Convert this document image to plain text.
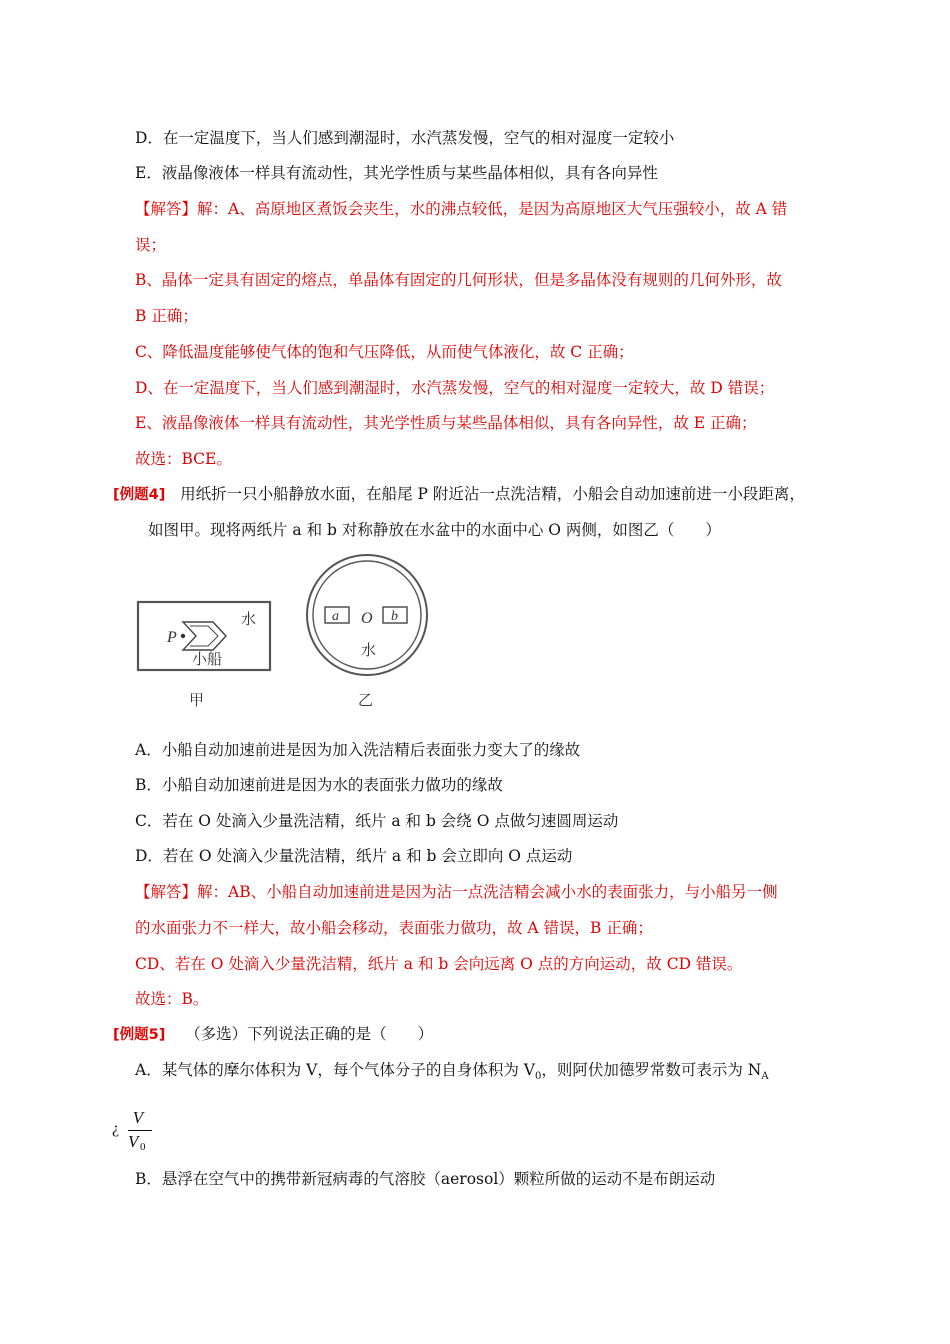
D．在一定温度下，当人们感到潮湿时，水汽蒸发慢，空气的相对湿度一定较小
E．液晶像液体一样具有流动性，其光学性质与某些晶体相似，具有各向异性
【解答】解：A、高原地区煮饭会夹生，水的沸点较低，是因为高原地区大气压强较小，故 A 错
误；
B、晶体一定具有固定的熔点，单晶体有固定的几何形状，但是多晶体没有规则的几何外形，故
B 正确；
C、降低温度能够使气体的饱和气压降低，从而使气体液化，故 C 正确；
D、在一定温度下，当人们感到潮湿时，水汽蒸发慢，空气的相对湿度一定较大，故 D 错误；
E、液晶像液体一样具有流动性，其光学性质与某些晶体相似，具有各向异性，故 E 正确；
故选：BCE。
[例题4] 用纸折一只小船静放水面，在船尾 P 附近沾一点洗洁精，小船会自动加速前进一小段距离，
如图甲。现将两纸片 a 和 b 对称静放在水盆中的水面中心 O 两侧，如图乙（　　）
水
P
小船
甲
a O b
水
乙
A．小船自动加速前进是因为加入洗洁精后表面张力变大了的缘故
B．小船自动加速前进是因为水的表面张力做功的缘故
C．若在 O 处滴入少量洗洁精，纸片 a 和 b 会绕 O 点做匀速圆周运动
D．若在 O 处滴入少量洗洁精，纸片 a 和 b 会立即向 O 点运动
【解答】解：AB、小船自动加速前进是因为沾一点洗洁精会减小水的表面张力，与小船另一侧
的水面张力不一样大，故小船会移动，表面张力做功，故 A 错误，B 正确；
CD、若在 O 处滴入少量洗洁精，纸片 a 和 b 会向远离 O 点的方向运动，故 CD 错误。
故选：B。
[例题5] （多选）下列说法正确的是（　　）
A．某气体的摩尔体积为 V，每个气体分子的自身体积为 $V_0$，则阿伏加德罗常数可表示为 $N_A$
¿
V
V 0
B．悬浮在空气中的携带新冠病毒的气溶胶（aerosol）颗粒所做的运动不是布朗运动
